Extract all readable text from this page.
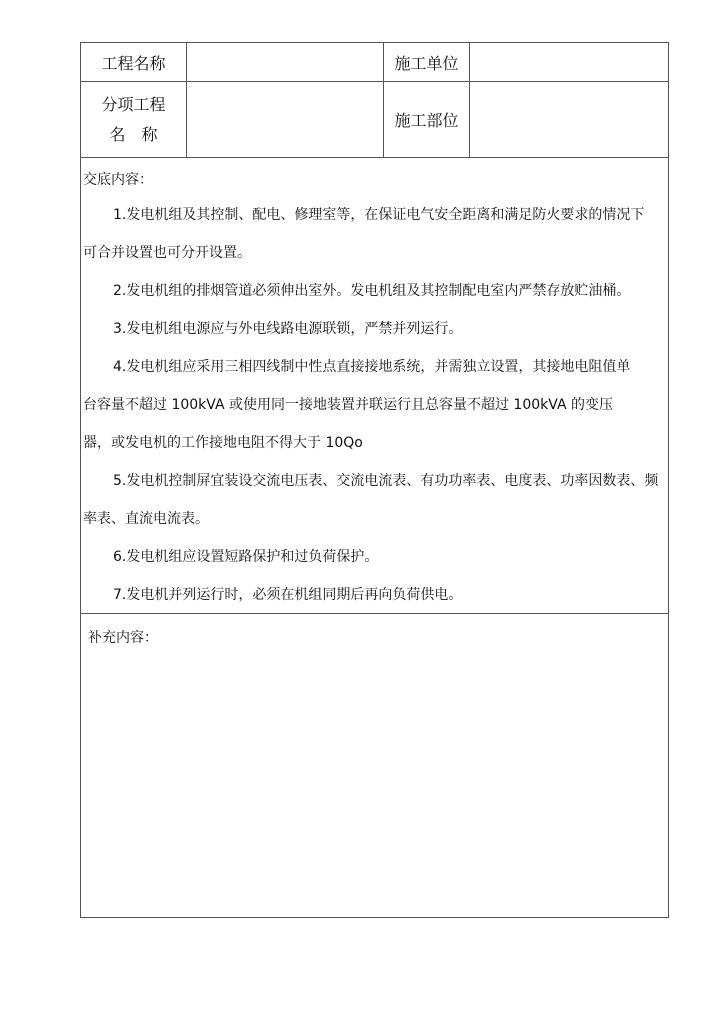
工程名称	施工单位
分项工程
名　称
施工部位
交底内容：
1.发电机组及其控制、配电、修理室等，在保证电气安全距离和满足防火要求的情况下
可合并设置也可分开设置。
2.发电机组的排烟管道必须伸出室外。发电机组及其控制配电室内严禁存放贮油桶。
3.发电机组电源应与外电线路电源联锁，严禁并列运行。
4.发电机组应采用三相四线制中性点直接接地系统，并需独立设置，其接地电阻值单
台容量不超过 100kVA 或使用同一接地装置并联运行且总容量不超过 100kVA 的变压
器，或发电机的工作接地电阻不得大于 10Qo
5.发电机控制屏宜装设交流电压表、交流电流表、有功功率表、电度表、功率因数表、频
率表、直流电流表。
6.发电机组应设置短路保护和过负荷保护。
7.发电机并列运行时，必须在机组同期后再向负荷供电。
补充内容：
